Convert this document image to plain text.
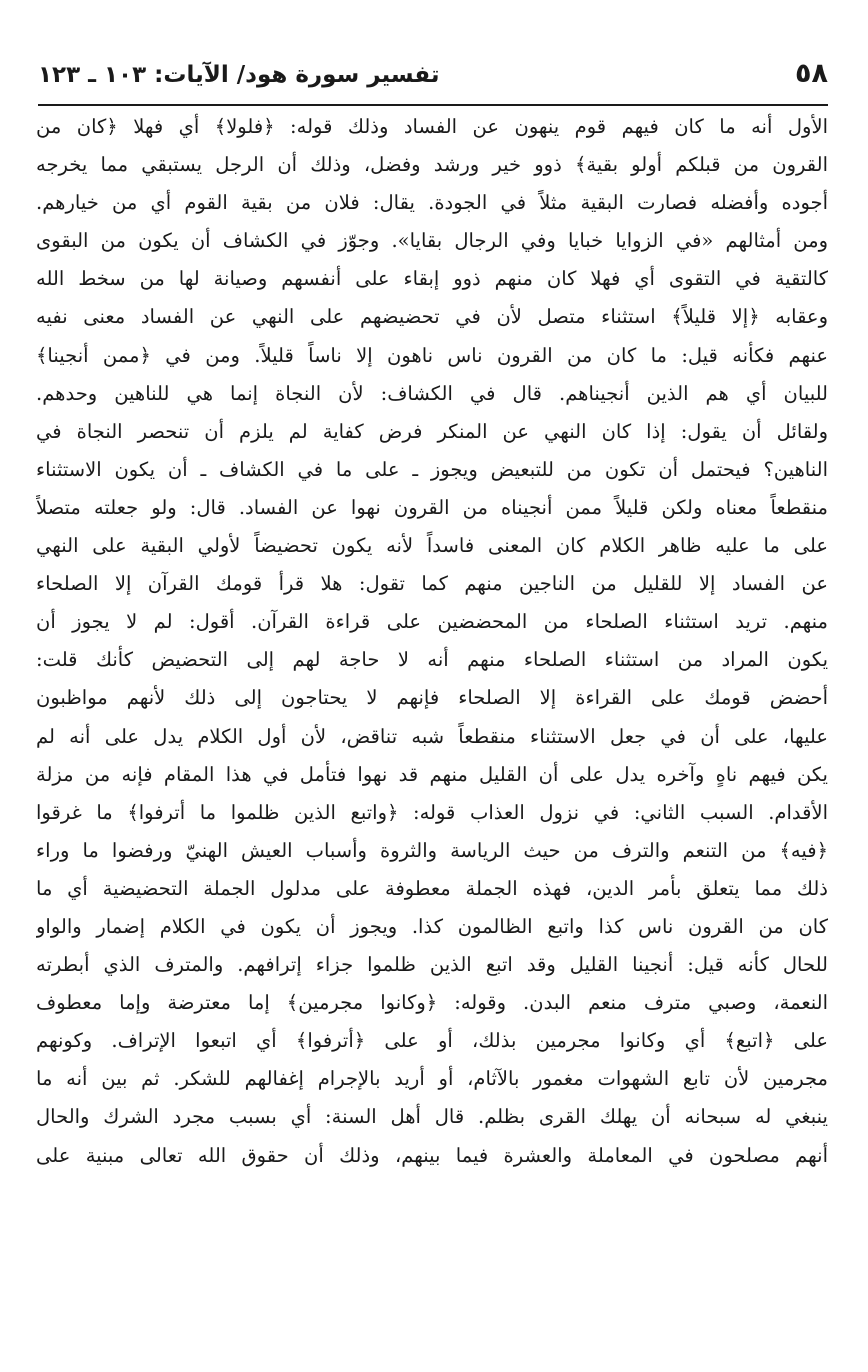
٥٨
تفسير سورة هود/ الآيات: ١٠٣ ـ ١٢٣
الأول أنه ما كان فيهم قوم ينهون عن الفساد وذلك قوله: ﴿فلولا﴾ أي فهلا ﴿كان من
القرون من قبلكم أولو بقية﴾ ذوو خير ورشد وفضل، وذلك أن الرجل يستبقي مما يخرجه
أجوده وأفضله فصارت البقية مثلاً في الجودة. يقال: فلان من بقية القوم أي من خيارهم.
ومن أمثالهم «في الزوايا خبايا وفي الرجال بقايا». وجوّز في الكشاف أن يكون من البقوى
كالتقية في التقوى أي فهلا كان منهم ذوو إبقاء على أنفسهم وصيانة لها من سخط الله
وعقابه ﴿إلا قليلاً﴾ استثناء متصل لأن في تحضيضهم على النهي عن الفساد معنى نفيه
عنهم فكأنه قيل: ما كان من القرون ناس ناهون إلا ناساً قليلاً. ومن في ﴿ممن أنجينا﴾
للبيان أي هم الذين أنجيناهم. قال في الكشاف: لأن النجاة إنما هي للناهين وحدهم.
ولقائل أن يقول: إذا كان النهي عن المنكر فرض كفاية لم يلزم أن تنحصر النجاة في
الناهين؟ فيحتمل أن تكون من للتبعيض ويجوز ـ على ما في الكشاف ـ أن يكون الاستثناء
منقطعاً معناه ولكن قليلاً ممن أنجيناه من القرون نهوا عن الفساد. قال: ولو جعلته متصلاً
على ما عليه ظاهر الكلام كان المعنى فاسداً لأنه يكون تحضيضاً لأولي البقية على النهي
عن الفساد إلا للقليل من الناجين منهم كما تقول: هلا قرأ قومك القرآن إلا الصلحاء
منهم. تريد استثناء الصلحاء من المحضضين على قراءة القرآن. أقول: لم لا يجوز أن
يكون المراد من استثناء الصلحاء منهم أنه لا حاجة لهم إلى التحضيض كأنك قلت:
أحضض قومك على القراءة إلا الصلحاء فإنهم لا يحتاجون إلى ذلك لأنهم مواظبون
عليها، على أن في جعل الاستثناء منقطعاً شبه تناقض، لأن أول الكلام يدل على أنه لم
يكن فيهم ناهٍ وآخره يدل على أن القليل منهم قد نهوا فتأمل في هذا المقام فإنه من مزلة
الأقدام. السبب الثاني: في نزول العذاب قوله: ﴿واتبع الذين ظلموا ما أترفوا﴾ ما غرقوا
﴿فيه﴾ من التنعم والترف من حيث الرياسة والثروة وأسباب العيش الهنيّ ورفضوا ما وراء
ذلك مما يتعلق بأمر الدين، فهذه الجملة معطوفة على مدلول الجملة التحضيضية أي ما
كان من القرون ناس كذا واتبع الظالمون كذا. ويجوز أن يكون في الكلام إضمار والواو
للحال كأنه قيل: أنجينا القليل وقد اتبع الذين ظلموا جزاء إترافهم. والمترف الذي أبطرته
النعمة، وصبي مترف منعم البدن. وقوله: ﴿وكانوا مجرمين﴾ إما معترضة وإما معطوف
على ﴿اتبع﴾ أي وكانوا مجرمين بذلك، أو على ﴿أترفوا﴾ أي اتبعوا الإتراف. وكونهم
مجرمين لأن تابع الشهوات مغمور بالآثام، أو أريد بالإجرام إغفالهم للشكر. ثم بين أنه ما
ينبغي له سبحانه أن يهلك القرى بظلم. قال أهل السنة: أي بسبب مجرد الشرك والحال
أنهم مصلحون في المعاملة والعشرة فيما بينهم، وذلك أن حقوق الله تعالى مبنية على
